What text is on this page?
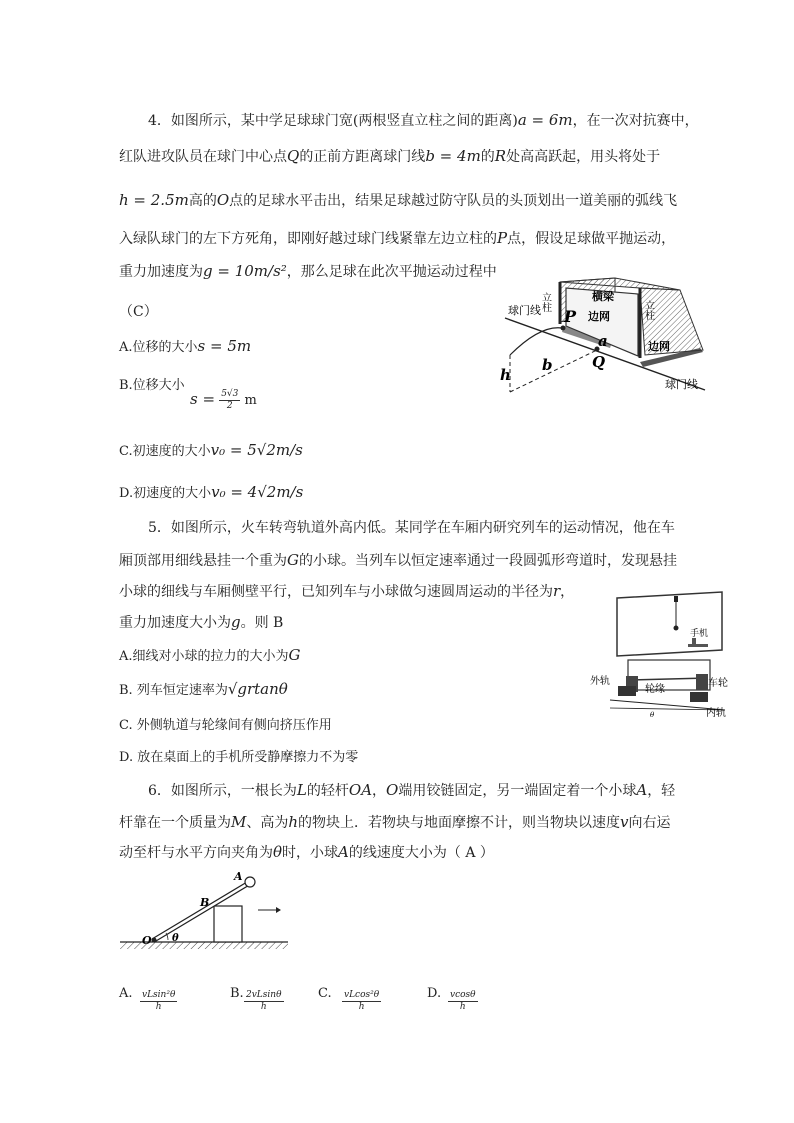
4．如图所示，某中学足球球门宽(两根竖直立柱之间的距离)a = 6m，在一次对抗赛中，
红队进攻队员在球门中心点Q的正前方距离球门线b = 4m的R处高高跃起，用头将处于
h = 2.5m高的O点的足球水平击出，结果足球越过防守队员的头顶划出一道美丽的弧线飞
入绿队球门的左下方死角，即刚好越过球门线紧靠左边立柱的P点，假设足球做平抛运动，
重力加速度为g = 10m/s²，那么足球在此次平抛运动过程中
（C）
A.位移的大小s = 5m
B.位移大小
$s = \frac{5√3}{2}$ m
C.初速度的大小v₀ = 5√2m/s
D.初速度的大小v₀ = 4√2m/s
球门线
球门线
立柱	立柱
横梁
边网
边网
P
a
Q
h
b
5．如图所示，火车转弯轨道外高内低。某同学在车厢内研究列车的运动情况，他在车
厢顶部用细线悬挂一个重为G的小球。当列车以恒定速率通过一段圆弧形弯道时，发现悬挂
小球的细线与车厢侧壁平行，已知列车与小球做匀速圆周运动的半径为r，
重力加速度大小为g。则 B
A.细线对小球的拉力的大小为G
B. 列车恒定速率为√grtanθ
C. 外侧轨道与轮缘间有侧向挤压作用
D. 放在桌面上的手机所受静摩擦力不为零
手机
外轨
轮缘
车轮
内轨
θ
6．如图所示，一根长为L的轻杆OA，O端用铰链固定，另一端固定着一个小球A，轻
杆靠在一个质量为M、高为h的物块上．若物块与地面摩擦不计，则当物块以速度v向右运
动至杆与水平方向夹角为θ时，小球A的线速度大小为（ A ）
A
B
O θ
A. $\frac{\text{vLsin²θ}}{h}$	B. $\frac{2vLsin\theta}{h}$	C. $\frac{\text{vLcos²θ}}{h}$	D. $\frac{vcos\theta}{h}$
